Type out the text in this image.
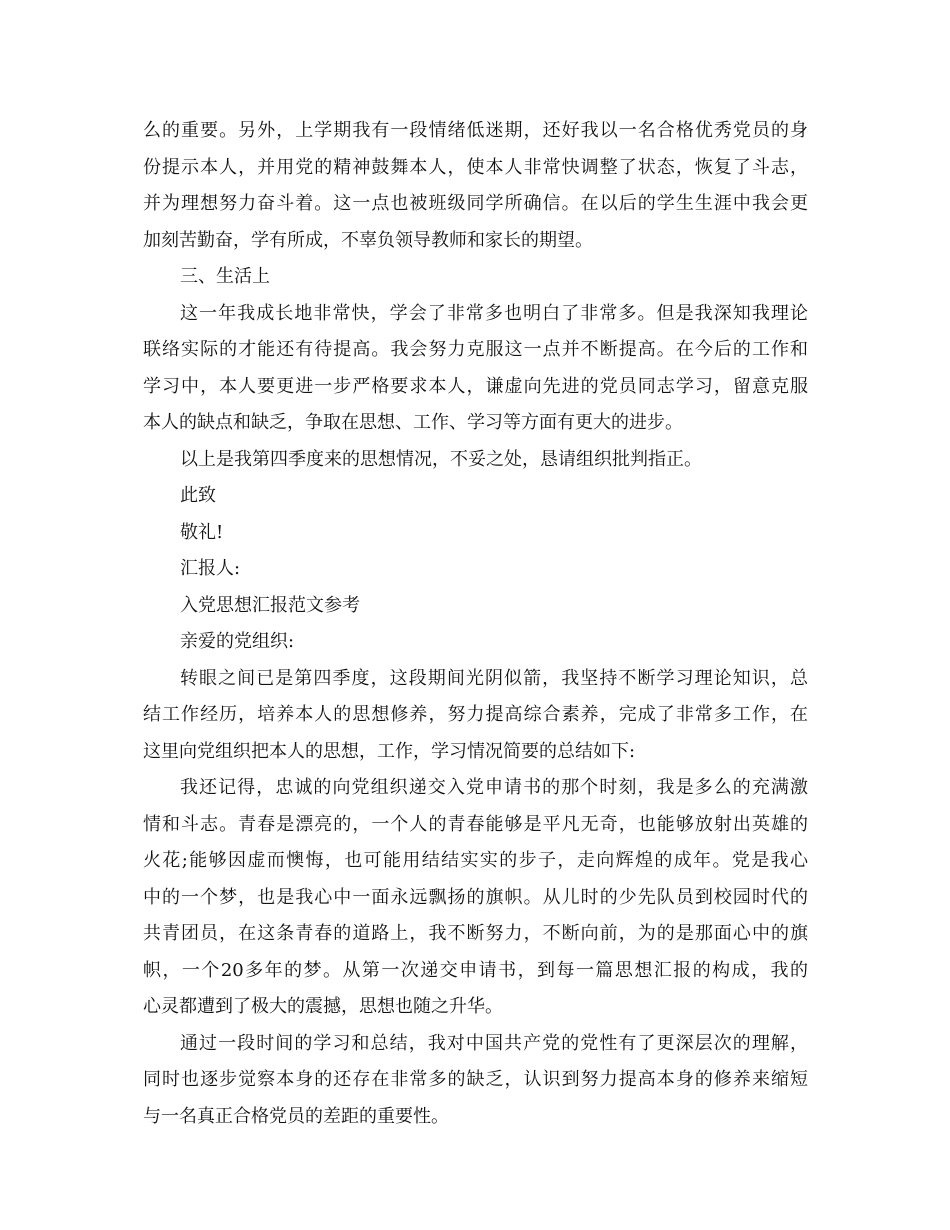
么的重要。另外，上学期我有一段情绪低迷期，还好我以一名合格优秀党员的身
份提示本人，并用党的精神鼓舞本人，使本人非常快调整了状态，恢复了斗志，
并为理想努力奋斗着。这一点也被班级同学所确信。在以后的学生生涯中我会更
加刻苦勤奋，学有所成，不辜负领导教师和家长的期望。
三、生活上
这一年我成长地非常快，学会了非常多也明白了非常多。但是我深知我理论
联络实际的才能还有待提高。我会努力克服这一点并不断提高。在今后的工作和
学习中，本人要更进一步严格要求本人，谦虚向先进的党员同志学习，留意克服
本人的缺点和缺乏，争取在思想、工作、学习等方面有更大的进步。
以上是我第四季度来的思想情况，不妥之处，恳请组织批判指正。
此致
敬礼!
汇报人:
入党思想汇报范文参考
亲爱的党组织:
转眼之间已是第四季度，这段期间光阴似箭，我坚持不断学习理论知识，总
结工作经历，培养本人的思想修养，努力提高综合素养，完成了非常多工作，在
这里向党组织把本人的思想，工作，学习情况简要的总结如下:
我还记得，忠诚的向党组织递交入党申请书的那个时刻，我是多么的充满激
情和斗志。青春是漂亮的，一个人的青春能够是平凡无奇，也能够放射出英雄的
火花;能够因虚而懊悔，也可能用结结实实的步子，走向辉煌的成年。党是我心
中的一个梦，也是我心中一面永远飘扬的旗帜。从儿时的少先队员到校园时代的
共青团员，在这条青春的道路上，我不断努力，不断向前，为的是那面心中的旗
帜，一个20多年的梦。从第一次递交申请书，到每一篇思想汇报的构成，我的
心灵都遭到了极大的震撼，思想也随之升华。
通过一段时间的学习和总结，我对中国共产党的党性有了更深层次的理解，
同时也逐步觉察本身的还存在非常多的缺乏，认识到努力提高本身的修养来缩短
与一名真正合格党员的差距的重要性。
